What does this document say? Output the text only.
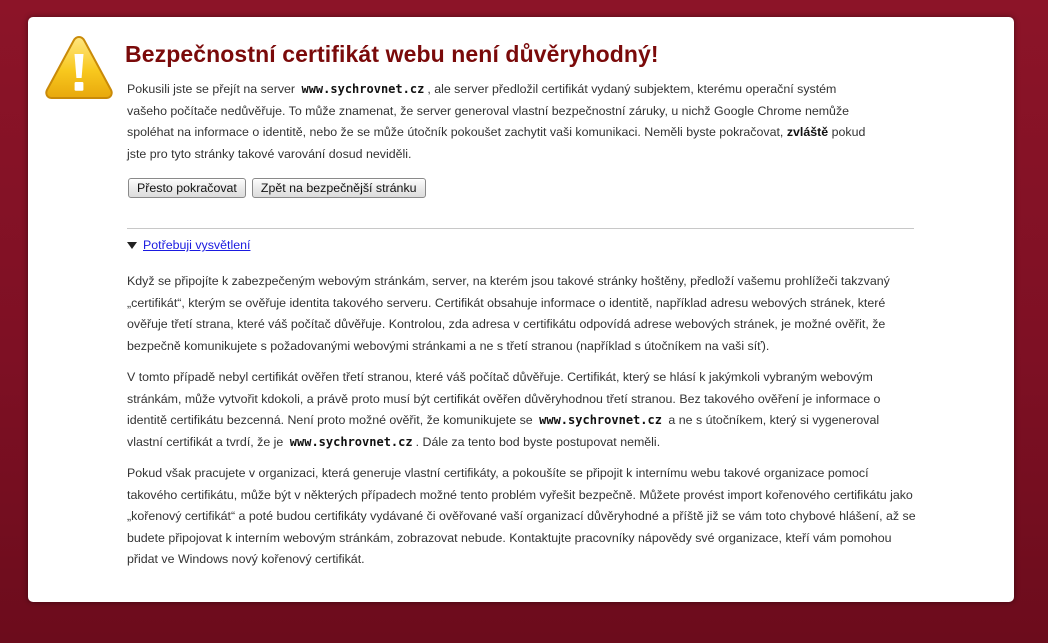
Bezpečnostní certifikát webu není důvěryhodný!
Pokusili jste se přejít na server www.sychrovnet.cz , ale server předložil certifikát vydaný subjektem, kterému operační systém vašeho počítače nedůvěřuje. To může znamenat, že server generoval vlastní bezpečnostní záruky, u nichž Google Chrome nemůže spoléhat na informace o identitě, nebo že se může útočník pokoušet zachytit vaši komunikaci. Neměli byste pokračovat, zvláště pokud jste pro tyto stránky takové varování dosud neviděli.
Přesto pokračovat	Zpět na bezpečnější stránku
Potřebuji vysvětlení

Když se připojíte k zabezpečeným webovým stránkám, server, na kterém jsou takové stránky hoštěny, předloží vašemu prohlížeči takzvaný „certifikát“, kterým se ověřuje identita takového serveru. Certifikát obsahuje informace o identitě, například adresu webových stránek, které ověřuje třetí strana, které váš počítač důvěřuje. Kontrolou, zda adresa v certifikátu odpovídá adrese webových stránek, je možné ověřit, že bezpečně komunikujete s požadovanými webovými stránkami a ne s třetí stranou (například s útočníkem na vaši síť).

V tomto případě nebyl certifikát ověřen třetí stranou, které váš počítač důvěřuje. Certifikát, který se hlásí k jakýmkoli vybraným webovým stránkám, může vytvořit kdokoli, a právě proto musí být certifikát ověřen důvěryhodnou třetí stranou. Bez takového ověření je informace o identitě certifikátu bezcenná. Není proto možné ověřit, že komunikujete se www.sychrovnet.cz a ne s útočníkem, který si vygeneroval vlastní certifikát a tvrdí, že je www.sychrovnet.cz . Dále za tento bod byste postupovat neměli.

Pokud však pracujete v organizaci, která generuje vlastní certifikáty, a pokoušíte se připojit k internímu webu takové organizace pomocí takového certifikátu, může být v některých případech možné tento problém vyřešit bezpečně. Můžete provést import kořenového certifikátu jako „kořenový certifikát“ a poté budou certifikáty vydávané či ověřované vaší organizací důvěryhodné a příště již se vám toto chybové hlášení, až se budete připojovat k interním webovým stránkám, zobrazovat nebude. Kontaktujte pracovníky nápovědy své organizace, kteří vám pomohou přidat ve Windows nový kořenový certifikát.
